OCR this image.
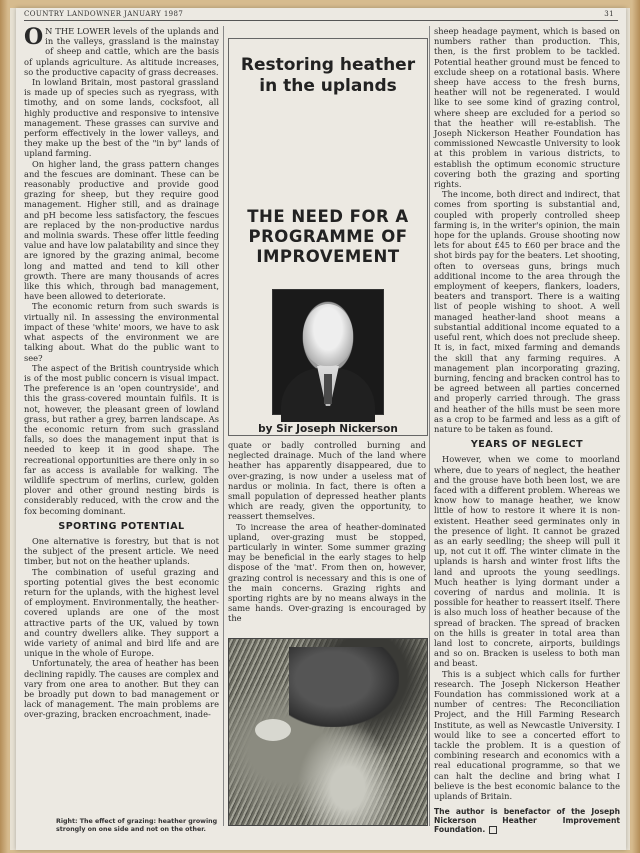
COUNTRY LANDOWNER JANUARY 1987	31

O N THE LOWER levels of the uplands and in the valleys, grassland is the mainstay of sheep and cattle, which are the basis of uplands agriculture. As altitude increases, so the productive capacity of grass decreases.

In lowland Britain, most pastoral grassland is made up of species such as ryegrass, with timothy, and on some lands, cocksfoot, all highly productive and responsive to intensive management. These grasses can survive and perform effectively in the lower valleys, and they make up the best of the "in by" lands of upland farming.

On higher land, the grass pattern changes and the fescues are dominant. These can be reasonably productive and provide good grazing for sheep, but they require good management. Higher still, and as drainage and pH become less satisfactory, the fescues are replaced by the non-productive nardus and molinia swards. These offer little feeding value and have low palatability and since they are ignored by the grazing animal, become long and matted and tend to kill other growth. There are many thousands of acres like this which, through bad management, have been allowed to deteriorate.

The economic return from such swards is virtually nil. In assessing the environmental impact of these 'white' moors, we have to ask what aspects of the environment we are talking about. What do the public want to see?

The aspect of the British countryside which is of the most public concern is visual impact. The preference is an 'open countryside', and this the grass-covered mountain fulfils. It is not, however, the pleasant green of lowland grass, but rather a grey, barren landscape. As the economic return from such grassland falls, so does the management input that is needed to keep it in good shape. The recreational opportunities are there only in so far as access is available for walking. The wildlife spectrum of merlins, curlew, golden plover and other ground nesting birds is considerably reduced, with the crow and the fox becoming dominant.

SPORTING POTENTIAL

One alternative is forestry, but that is not the subject of the present article. We need timber, but not on the heather uplands.

The combination of useful grazing and sporting potential gives the best economic return for the uplands, with the highest level of employment. Environmentally, the heather-covered uplands are one of the most attractive parts of the UK, valued by town and country dwellers alike. They support a wide variety of animal and bird life and are unique in the whole of Europe.

Unfortunately, the area of heather has been declining rapidly. The causes are complex and vary from one area to another. But they can be broadly put down to bad management or lack of management. The main problems are over-grazing, bracken encroachment, inade-

Restoring heather in the uplands
THE NEED FOR A PROGRAMME OF IMPROVEMENT
by Sir Joseph Nickerson

quate or badly controlled burning and neglected drainage. Much of the land where heather has apparently disappeared, due to over-grazing, is now under a useless mat of nardus or molinia. In fact, there is often a small population of depressed heather plants which are ready, given the opportunity, to reassert themselves.

To increase the area of heather-dominated upland, over-grazing must be stopped, particularly in winter. Some summer grazing may be beneficial in the early stages to help dispose of the 'mat'. From then on, however, grazing control is necessary and this is one of the main concerns. Grazing rights and sporting rights are by no means always in the same hands. Over-grazing is encouraged by the

Right: The effect of grazing: heather growing strongly on one side and not on the other.

sheep headage payment, which is based on numbers rather than production. This, then, is the first problem to be tackled. Potential heather ground must be fenced to exclude sheep on a rotational basis. Where sheep have access to the fresh burns, heather will not be regenerated. I would like to see some kind of grazing control, where sheep are excluded for a period so that the heather will re-establish. The Joseph Nickerson Heather Foundation has commissioned Newcastle University to look at this problem in various districts, to establish the optimum economic structure covering both the grazing and sporting rights.

The income, both direct and indirect, that comes from sporting is substantial and, coupled with properly controlled sheep farming is, in the writer's opinion, the main hope for the uplands. Grouse shooting now lets for about £45 to £60 per brace and the shot birds pay for the beaters. Let shooting, often to overseas guns, brings much additional income to the area through the employment of keepers, flankers, loaders, beaters and transport. There is a waiting list of people wishing to shoot. A well managed heather-land shoot means a substantial additional income equated to a useful rent, which does not preclude sheep. It is, in fact, mixed farming and demands the skill that any farming requires. A management plan incorporating grazing, burning, fencing and bracken control has to be agreed between all parties concerned and properly carried through. The grass and heather of the hills must be seen more as a crop to be farmed and less as a gift of nature to be taken as found.

YEARS OF NEGLECT

However, when we come to moorland where, due to years of neglect, the heather and the grouse have both been lost, we are faced with a different problem. Whereas we know how to manage heather, we know little of how to restore it where it is non-existent. Heather seed germinates only in the presence of light. It cannot be grazed as an early seedling; the sheep will pull it up, not cut it off. The winter climate in the uplands is harsh and winter frost lifts the land and uproots the young seedlings. Much heather is lying dormant under a covering of nardus and molinia. It is possible for heather to reassert itself. There is also much loss of heather because of the spread of bracken. The spread of bracken on the hills is greater in total area than land lost to concrete, airports, buildings and so on. Bracken is useless to both man and beast.

This is a subject which calls for further research. The Joseph Nickerson Heather Foundation has commissioned work at a number of centres: The Reconciliation Project, and the Hill Farming Research Institute, as well as Newcastle University. I would like to see a concerted effort to tackle the problem. It is a question of combining research and economics with a real educational programme, so that we can halt the decline and bring what I believe is the best economic balance to the uplands of Britain.

The author is benefactor of the Joseph Nickerson Heather Improvement Foundation.
